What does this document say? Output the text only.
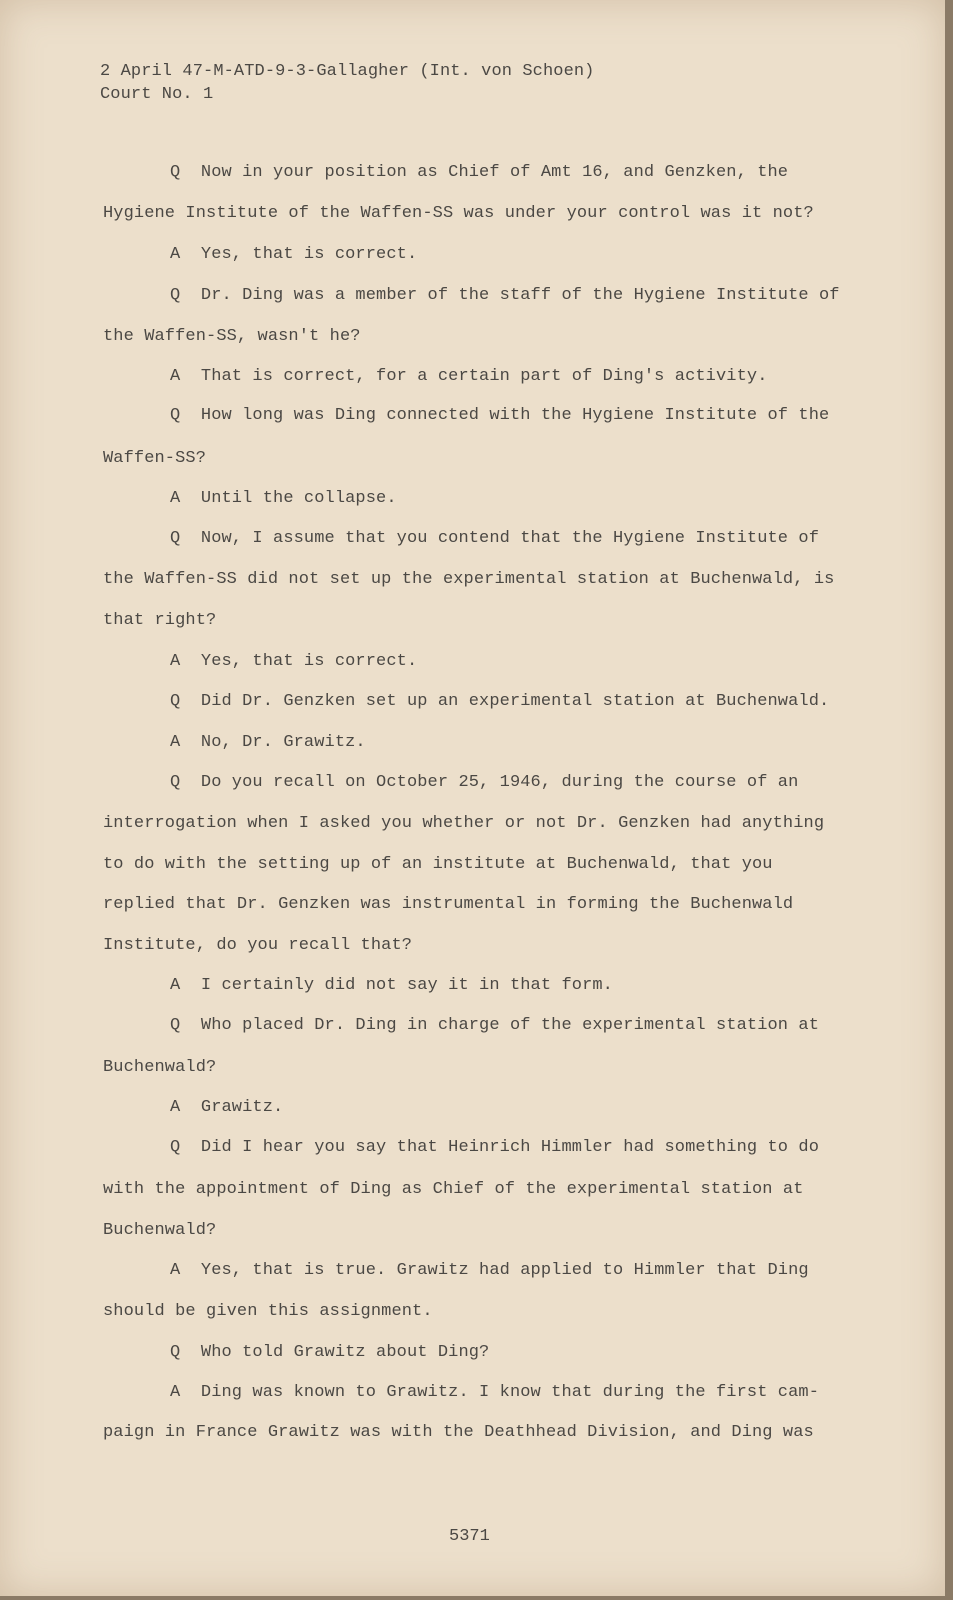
2 April 47-M-ATD-9-3-Gallagher (Int. von Schoen)
Court No. 1
Q  Now in your position as Chief of Amt 16, and Genzken, the
Hygiene Institute of the Waffen-SS was under your control was it not?
A  Yes, that is correct.
Q  Dr. Ding was a member of the staff of the Hygiene Institute of
the Waffen-SS, wasn't he?
A  That is correct, for a certain part of Ding's activity.
Q  How long was Ding connected with the Hygiene Institute of the
Waffen-SS?
A  Until the collapse.
Q  Now, I assume that you contend that the Hygiene Institute of
the Waffen-SS did not set up the experimental station at Buchenwald, is
that right?
A  Yes, that is correct.
Q  Did Dr. Genzken set up an experimental station at Buchenwald.
A  No, Dr. Grawitz.
Q  Do you recall on October 25, 1946, during the course of an
interrogation when I asked you whether or not Dr. Genzken had anything
to do with the setting up of an institute at Buchenwald, that you
replied that Dr. Genzken was instrumental in forming the Buchenwald
Institute, do you recall that?
A  I certainly did not say it in that form.
Q  Who placed Dr. Ding in charge of the experimental station at
Buchenwald?
A  Grawitz.
Q  Did I hear you say that Heinrich Himmler had something to do
with the appointment of Ding as Chief of the experimental station at
Buchenwald?
A  Yes, that is true. Grawitz had applied to Himmler that Ding
should be given this assignment.
Q  Who told Grawitz about Ding?
A  Ding was known to Grawitz. I know that during the first cam-
paign in France Grawitz was with the Deathhead Division, and Ding was
5371
